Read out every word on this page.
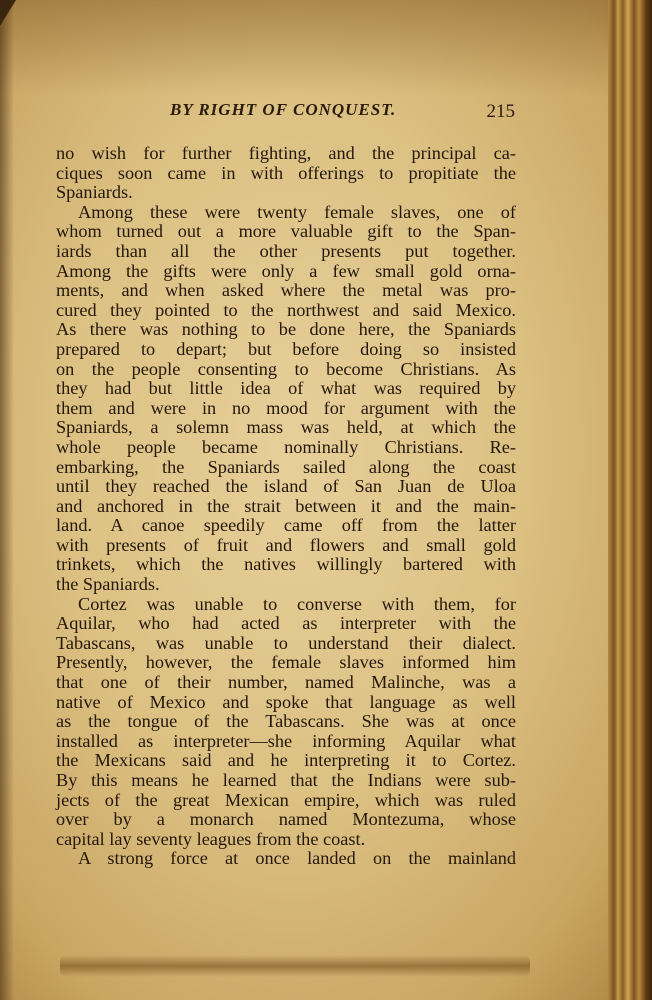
BY RIGHT OF CONQUEST.	215
no wish for further fighting, and the principal ca-
ciques soon came in with offerings to propitiate the
Spaniards.
Among these were twenty female slaves, one of
whom turned out a more valuable gift to the Span-
iards than all the other presents put together.
Among the gifts were only a few small gold orna-
ments, and when asked where the metal was pro-
cured they pointed to the northwest and said Mexico.
As there was nothing to be done here, the Spaniards
prepared to depart; but before doing so insisted
on the people consenting to become Christians. As
they had but little idea of what was required by
them and were in no mood for argument with the
Spaniards, a solemn mass was held, at which the
whole people became nominally Christians. Re-
embarking, the Spaniards sailed along the coast
until they reached the island of San Juan de Uloa
and anchored in the strait between it and the main-
land. A canoe speedily came off from the latter
with presents of fruit and flowers and small gold
trinkets, which the natives willingly bartered with
the Spaniards.
Cortez was unable to converse with them, for
Aquilar, who had acted as interpreter with the
Tabascans, was unable to understand their dialect.
Presently, however, the female slaves informed him
that one of their number, named Malinche, was a
native of Mexico and spoke that language as well
as the tongue of the Tabascans. She was at once
installed as interpreter—she informing Aquilar what
the Mexicans said and he interpreting it to Cortez.
By this means he learned that the Indians were sub-
jects of the great Mexican empire, which was ruled
over by a monarch named Montezuma, whose
capital lay seventy leagues from the coast.
A strong force at once landed on the mainland
